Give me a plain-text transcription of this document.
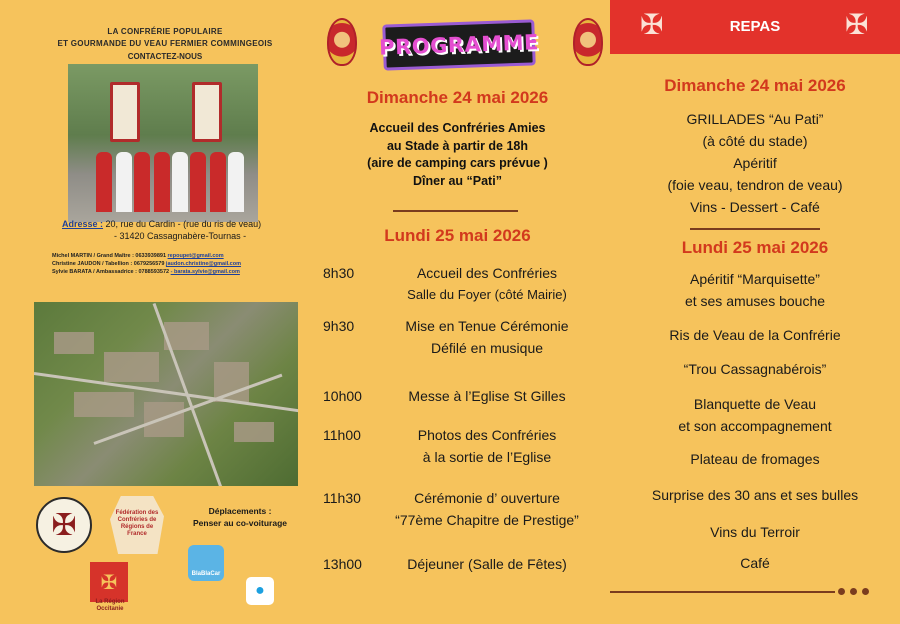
LA CONFRÉRIE POPULAIRE
ET GOURMANDE DU VEAU FERMIER COMMINGEOIS
CONTACTEZ-NOUS
Adresse : 20, rue du Cardin - (rue du ris de veau)
- 31420 Cassagnabère-Tournas -
Michel MARTIN / Grand Maître : 0633939891 repoupet@gmail.com
Christine JAUDON / Tabellion : 0679256579 jaudon.christine@gmail.com
Sylvie BARATA / Ambassadrice : 0788593572 - barata.sylvie@gmail.com
✠	Fédération des Confréries de Régions de France
Déplacements :
Penser au co-voiturage
✠
La Région Occitanie
BlaBlaCar
●
PROGRAMME
Dimanche 24 mai 2026
Accueil des Confréries Amies
au Stade à partir de 18h
(aire de camping cars prévue )
Dîner au “Pati”
Lundi 25 mai 2026
8h30	Accueil des Confréries
Salle du Foyer (côté Mairie)
9h30	Mise en Tenue Cérémonie
Défilé en musique
10h00	Messe à l’Eglise St Gilles
11h00	Photos des Confréries
à la sortie de l’Eglise
11h30	Cérémonie d’ ouverture
“77ème Chapitre de Prestige”
13h00	Déjeuner (Salle de Fêtes)
✠	REPAS	✠
Dimanche 24 mai 2026
GRILLADES “Au Pati”
(à côté du stade)
Apéritif
(foie veau, tendron de veau)
Vins - Dessert - Café
Lundi 25 mai 2026
Apéritif “Marquisette”
et ses amuses bouche
Ris de Veau de la Confrérie
“Trou Cassagnabérois”
Blanquette de Veau
et son accompagnement
Plateau de fromages
Surprise des 30 ans et ses bulles
Vins du Terroir
Café
